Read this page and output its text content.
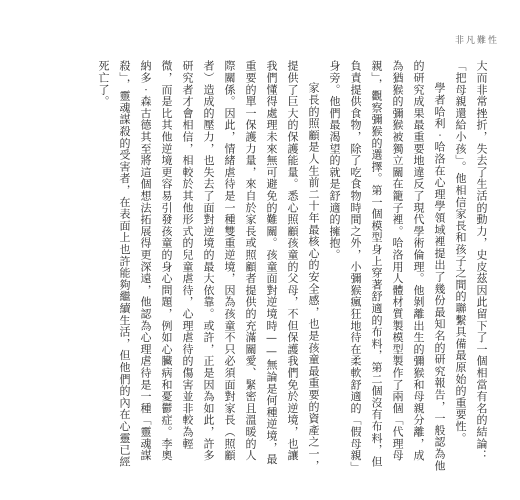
非凡難性

大而非常挫折，失去了生活的動力，史皮茲因此留下了一個相當有名的結論：「把母親還給小孩」。他相信家長和孩子之間的聯繫具備最原始的重要性。

學者哈利‧哈洛在心理學領域裡提出了幾份最知名的研究報告，一般認為他的研究成果最重要地違反了現代學術倫理。他剝離出生的彌猴和母親分離，成為猶猴的彌猴被獨立關在籠子裡。哈洛用人體材質製模型製作了兩個「代理母親」，觀察彌猴的選擇。第一個模型身上穿著舒適的布料，第二個沒有布料，但負責提供食物，除了吃食物時間之外，小彌猴瘋狂地待在柔軟舒適的「假母親」身旁。他們最渴望的就是舒適的擁抱。

家長的照顧是人生前二十年最核心的安全感，也是孩童最重要的資產之一，提供了巨大的保護能量。悉心照顧孩童的父母，不但保護我們免於逆境，也讓我們懂得處理未來無可避免的難關。孩童面對逆境時——無論是何種逆境，最重要的單一保護力量，來自於家長或照顧者提供的充滿關愛、緊密且溫暖的人際關係。因此，情緒虐待是一種雙重逆境，因為孩童不只必須面對家長（照顧者）造成的壓力，也失去了面對逆境的最大依靠。或許，正是因為如此，許多研究者才會相信，相較於其他形式的兒童虐待，心理虐待的傷害並非較為輕微，而是比其他逆境更容易引發孩童的身心問題，例如心臟病和憂鬱症。李奧納多‧森古德其至將這個想法拓展得更深遠，他認為心理虐待是一種「靈魂謀殺」，靈魂謀殺的受害者，在表面上也許能夠繼續生活，但他們的內在心靈已經死亡了。
